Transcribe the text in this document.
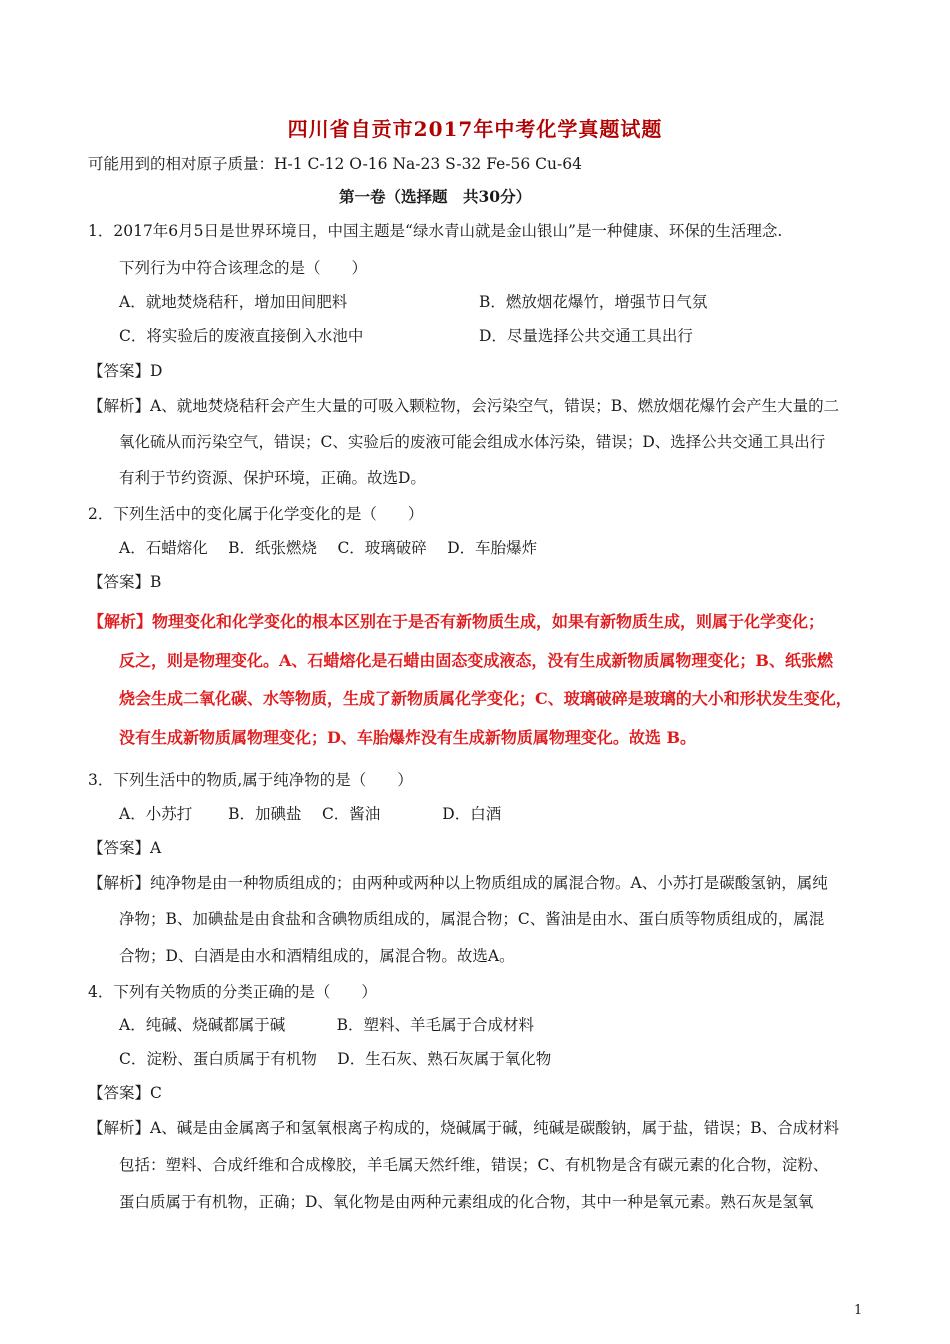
四川省自贡市2017年中考化学真题试题
可能用到的相对原子质量：H-1 C-12 O-16 Na-23 S-32 Fe-56 Cu-64
第一卷（选择题　共30分）
1．2017年6月5日是世界环境日，中国主题是“绿水青山就是金山银山”是一种健康、环保的生活理念.
下列行为中符合该理念的是（　　）
A．就地焚烧秸秆，增加田间肥料	B．燃放烟花爆竹，增强节日气氛
C．将实验后的废液直接倒入水池中	D．尽量选择公共交通工具出行
【答案】D
【解析】A、就地焚烧秸秆会产生大量的可吸入颗粒物，会污染空气，错误；B、燃放烟花爆竹会产生大量的二
氧化硫从而污染空气，错误；C、实验后的废液可能会组成水体污染，错误；D、选择公共交通工具出行
有利于节约资源、保护环境，正确。故选D。
2．下列生活中的变化属于化学变化的是（　　）
A．石蜡熔化　 B．纸张燃烧　 C．玻璃破碎　 D．车胎爆炸
【答案】B
【解析】物理变化和化学变化的根本区别在于是否有新物质生成，如果有新物质生成，则属于化学变化；
反之，则是物理变化。A、石蜡熔化是石蜡由固态变成液态，没有生成新物质属物理变化；B、纸张燃
烧会生成二氧化碳、水等物质，生成了新物质属化学变化；C、玻璃破碎是玻璃的大小和形状发生变化，
没有生成新物质属物理变化；D、车胎爆炸没有生成新物质属物理变化。故选 B。
3．下列生活中的物质,属于纯净物的是（　　）
A．小苏打　　 B．加碘盐　 C．酱油　　　　D．白酒
【答案】A
【解析】纯净物是由一种物质组成的；由两种或两种以上物质组成的属混合物。A、小苏打是碳酸氢钠，属纯
净物；B、加碘盐是由食盐和含碘物质组成的，属混合物；C、酱油是由水、蛋白质等物质组成的，属混
合物；D、白酒是由水和酒精组成的，属混合物。故选A。
4．下列有关物质的分类正确的是（　　）
A．纯碱、烧碱都属于碱　　　 B．塑料、羊毛属于合成材料
C．淀粉、蛋白质属于有机物　 D．生石灰、熟石灰属于氧化物
【答案】C
【解析】A、碱是由金属离子和氢氧根离子构成的，烧碱属于碱，纯碱是碳酸钠，属于盐，错误；B、合成材料
包括：塑料、合成纤维和合成橡胶，羊毛属天然纤维，错误；C、有机物是含有碳元素的化合物，淀粉、
蛋白质属于有机物，正确；D、氧化物是由两种元素组成的化合物，其中一种是氧元素。熟石灰是氢氧
1
